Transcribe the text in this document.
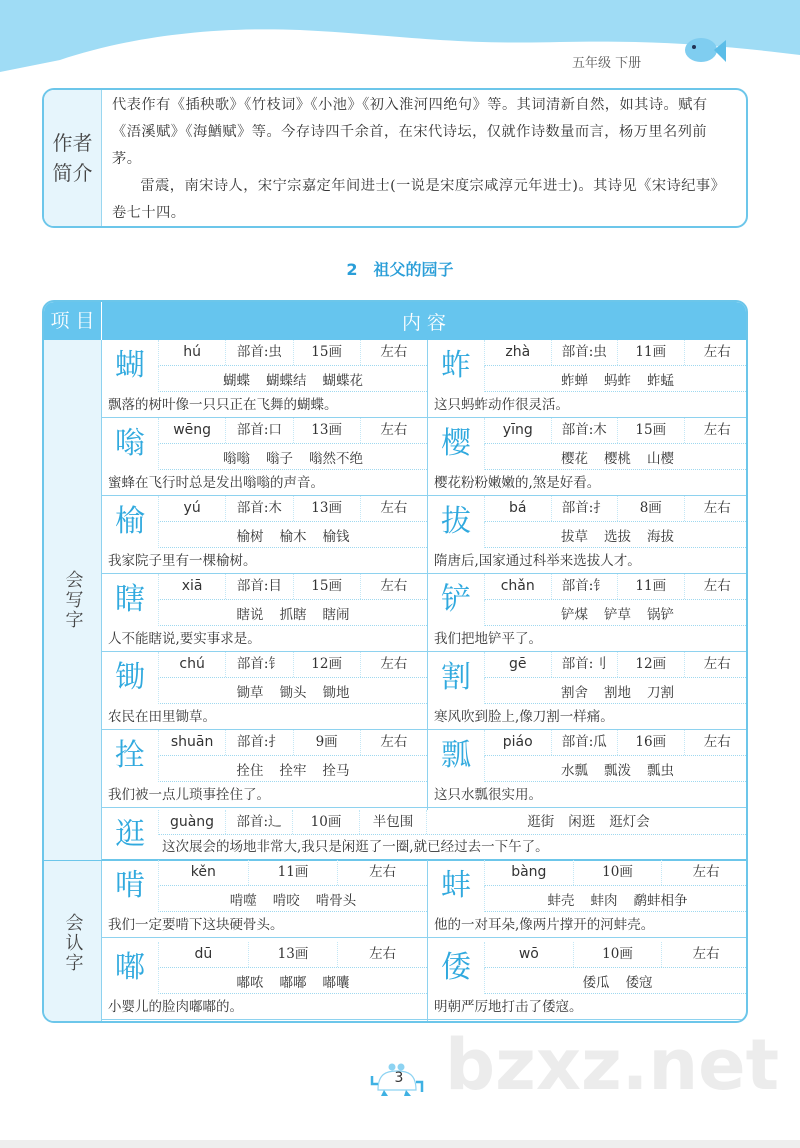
五年级 下册
作者简介

代表作有《插秧歌》《竹枝词》《小池》《初入淮河四绝句》等。其词清新自然，如其诗。赋有《浯溪赋》《海鰌赋》等。今存诗四千余首，在宋代诗坛，仅就作诗数量而言，杨万里名列前茅。

雷震，南宋诗人，宋宁宗嘉定年间进士(一说是宋度宗咸淳元年进士)。其诗见《宋诗纪事》卷七十四。

2　祖父的园子
bzxz.net
项 目	内 容
会写字
会认字
蝴	hú	部首:虫	15画	左右
蝴蝶 蝴蝶结 蝴蝶花
飘落的树叶像一只只正在飞舞的蝴蝶。
蚱	zhà	部首:虫	11画	左右
蚱蝉 蚂蚱 蚱蜢
这只蚂蚱动作很灵活。
嗡	wēng	部首:口	13画	左右
嗡嗡 嗡子 嗡然不绝
蜜蜂在飞行时总是发出嗡嗡的声音。
樱	yīng	部首:木	15画	左右
樱花 樱桃 山樱
樱花粉粉嫩嫩的,煞是好看。
榆	yú	部首:木	13画	左右
榆树 榆木 榆钱
我家院子里有一棵榆树。
拔	bá	部首:扌	8画	左右
拔草 选拔 海拔
隋唐后,国家通过科举来选拔人才。
瞎	xiā	部首:目	15画	左右
瞎说 抓瞎 瞎闹
人不能瞎说,要实事求是。
铲	chǎn	部首:钅	11画	左右
铲煤 铲草 锅铲
我们把地铲平了。
锄	chú	部首:钅	12画	左右
锄草 锄头 锄地
农民在田里锄草。
割	gē	部首:刂	12画	左右
割舍 割地 刀割
寒风吹到脸上,像刀割一样痛。
拴	shuān	部首:扌	9画	左右
拴住 拴牢 拴马
我们被一点儿琐事拴住了。
瓢	piáo	部首:瓜	16画	左右
水瓢 瓢泼 瓢虫
这只水瓢很实用。
啃	kěn	11画	左右
啃噬 啃咬 啃骨头
我们一定要啃下这块硬骨头。
蚌	bàng	10画	左右
蚌壳 蚌肉 鹬蚌相争
他的一对耳朵,像两片撑开的河蚌壳。
嘟	dū	13画	左右
嘟哝 嘟嘟 嘟囔
小婴儿的脸肉嘟嘟的。
倭	wō	10画	左右
倭瓜 倭寇
明朝严厉地打击了倭寇。
逛	guàng	部首:辶	10画	半包围	逛街 闲逛 逛灯会
这次展会的场地非常大,我只是闲逛了一圈,就已经过去一下午了。
3
